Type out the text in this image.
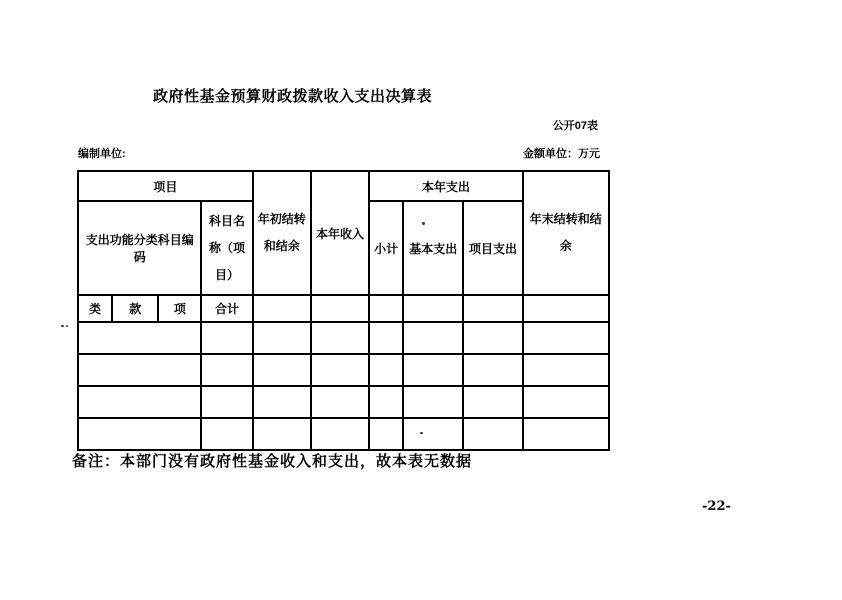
政府性基金预算财政拨款收入支出决算表
公开07表
编制单位:	金额单位：万元
项目				年初结转和结余	本年收入	本年支出			年末结转和结余
支出功能分类科目编码			科目名称（项目）			小计	基本支出	项目支出	
类	款	项	合计						

备注：本部门没有政府性基金收入和支出，故本表无数据
-22-
